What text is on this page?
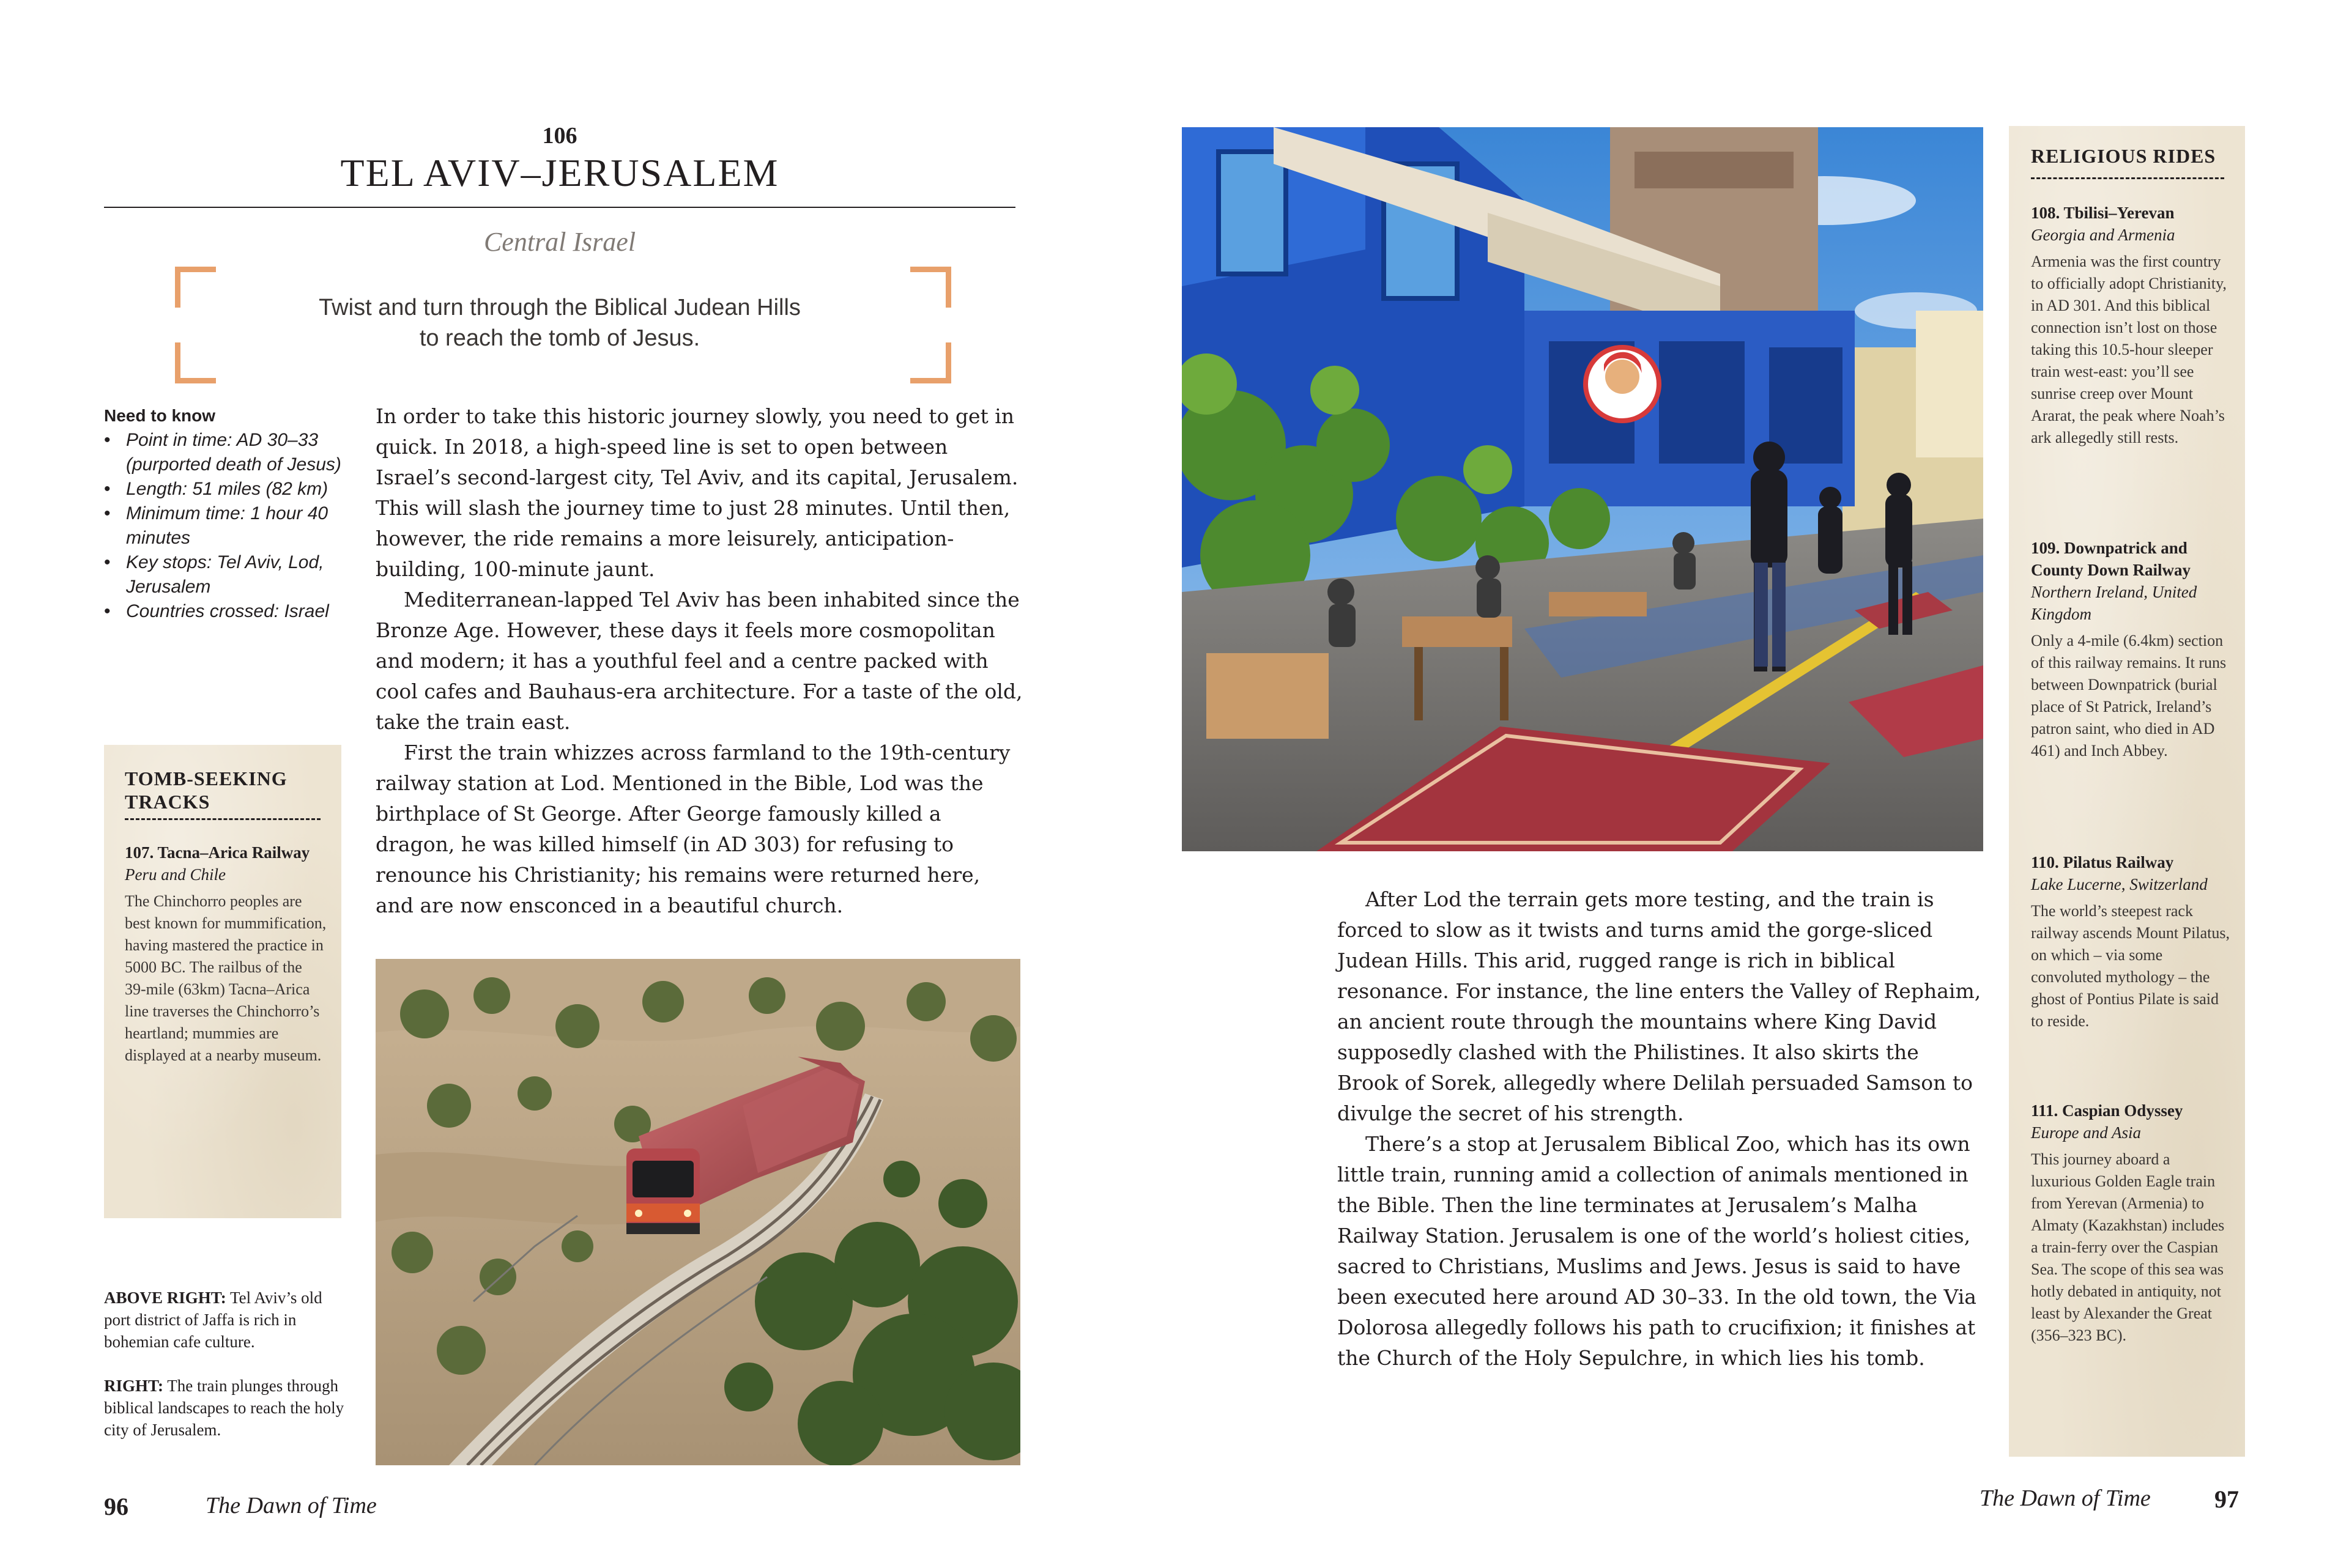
106
TEL AVIV–JERUSALEM
Central Israel
Twist and turn through the Biblical Judean Hills
to reach the tomb of Jesus.
Need to know
• Point in time: AD 30–33 (purported death of Jesus)
• Length: 51 miles (82 km)
• Minimum time: 1 hour 40 minutes
• Key stops: Tel Aviv, Lod, Jerusalem
• Countries crossed: Israel
TOMB-SEEKING TRACKS
107. Tacna–Arica Railway
Peru and Chile
The Chinchorro peoples are best known for mummification, having mastered the practice in 5000 BC. The railbus of the 39-mile (63km) Tacna–Arica line traverses the Chinchorro’s heartland; mummies are displayed at a nearby museum.

In order to take this historic journey slowly, you need to get in quick. In 2018, a high-speed line is set to open between Israel’s second-largest city, Tel Aviv, and its capital, Jerusalem. This will slash the journey time to just 28 minutes. Until then, however, the ride remains a more leisurely, anticipation-building, 100-minute jaunt.

Mediterranean-lapped Tel Aviv has been inhabited since the Bronze Age. However, these days it feels more cosmopolitan and modern; it has a youthful feel and a centre packed with cool cafes and Bauhaus-era architecture. For a taste of the old, take the train east.

First the train whizzes across farmland to the 19th-century railway station at Lod. Mentioned in the Bible, Lod was the birthplace of St George. After George famously killed a dragon, he was killed himself (in AD 303) for refusing to renounce his Christianity; his remains were returned here, and are now ensconced in a beautiful church.

ABOVE RIGHT: Tel Aviv’s old port district of Jaffa is rich in bohemian cafe culture.
RIGHT: The train plunges through biblical landscapes to reach the holy city of Jerusalem.
96	The Dawn of Time

After Lod the terrain gets more testing, and the train is forced to slow as it twists and turns amid the gorge-sliced Judean Hills. This arid, rugged range is rich in biblical resonance. For instance, the line enters the Valley of Rephaim, an ancient route through the mountains where King David supposedly clashed with the Philistines. It also skirts the Brook of Sorek, allegedly where Delilah persuaded Samson to divulge the secret of his strength.

There’s a stop at Jerusalem Biblical Zoo, which has its own little train, running amid a collection of animals mentioned in the Bible. Then the line terminates at Jerusalem’s Malha Railway Station. Jerusalem is one of the world’s holiest cities, sacred to Christians, Muslims and Jews. Jesus is said to have been executed here around AD 30–33. In the old town, the Via Dolorosa allegedly follows his path to crucifixion; it finishes at the Church of the Holy Sepulchre, in which lies his tomb.

RELIGIOUS RIDES
108. Tbilisi–Yerevan
Georgia and Armenia
Armenia was the first country to officially adopt Christianity, in AD 301. And this biblical connection isn’t lost on those taking this 10.5-hour sleeper train west-east: you’ll see sunrise creep over Mount Ararat, the peak where Noah’s ark allegedly still rests.
109. Downpatrick and County Down Railway
Northern Ireland, United Kingdom
Only a 4-mile (6.4km) section of this railway remains. It runs between Downpatrick (burial place of St Patrick, Ireland’s patron saint, who died in AD 461) and Inch Abbey.
110. Pilatus Railway
Lake Lucerne, Switzerland
The world’s steepest rack railway ascends Mount Pilatus, on which – via some convoluted mythology – the ghost of Pontius Pilate is said to reside.
111. Caspian Odyssey
Europe and Asia
This journey aboard a luxurious Golden Eagle train from Yerevan (Armenia) to Almaty (Kazakhstan) includes a train-ferry over the Caspian Sea. The scope of this sea was hotly debated in antiquity, not least by Alexander the Great (356–323 BC).
The Dawn of Time	97
